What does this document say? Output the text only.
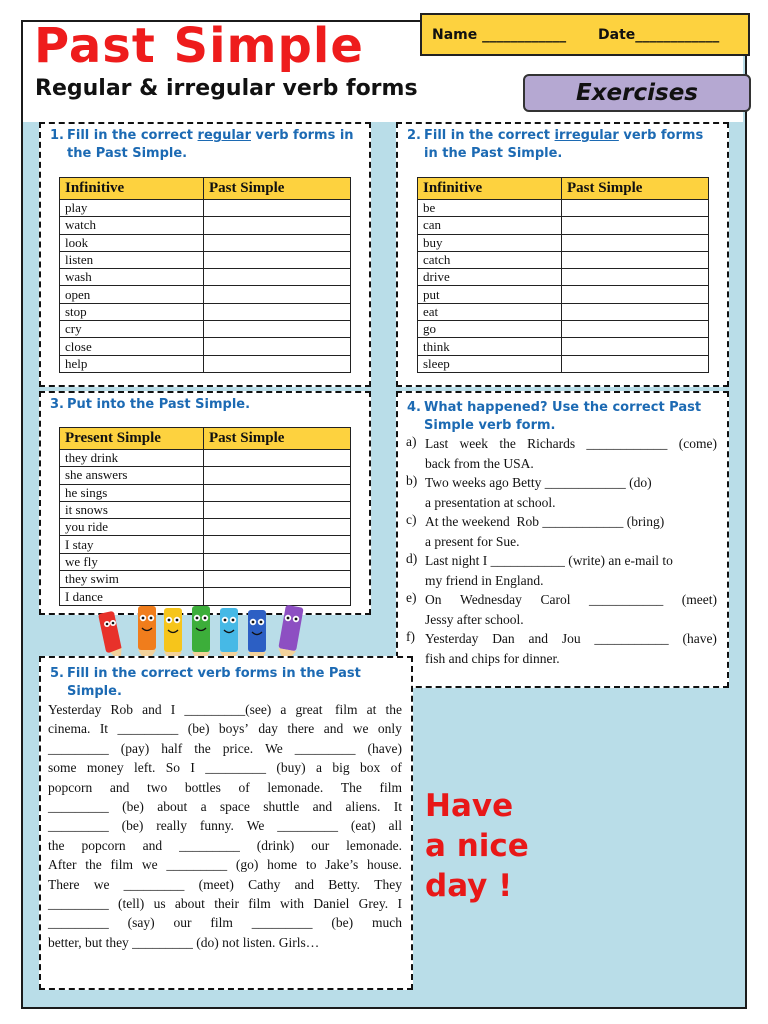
Past Simple
Regular & irregular verb forms
Name ____________ Date____________
Exercises

1. Fill in the correct regular verb forms in the Past Simple.

Infinitive	Past Simple
play	
watch	
look	
listen	
wash	
open	
stop	
cry	
close	
help	

2. Fill in the correct irregular verb forms in the Past Simple.

Infinitive	Past Simple
be	
can	
buy	
catch	
drive	
put	
eat	
go	
think	
sleep	

3. Put into the Past Simple.

Present Simple	Past Simple
they drink	
she answers	
he sings	
it snows	
you ride	
I stay	
we fly	
they swim	
I dance	

4. What happened? Use the correct Past Simple verb form.

a) Last week the Richards ____________ (come)
back from the USA.
b) Two weeks ago Betty ____________ (do)
a presentation at school.
c) At the weekend  Rob ____________ (bring)
a present for Sue.
d) Last night I ___________ (write) an e-mail to
my friend in England.
e) On Wednesday Carol ___________ (meet)
Jessy after school.
f) Yesterday Dan and Jou ___________ (have)
fish and chips for dinner.

5. Fill in the correct verb forms in the Past Simple.

Yesterday Rob and I _________(see) a great film at the
cinema. It _________ (be) boys’ day there and we only
_________ (pay) half the price. We _________ (have)
some money left. So I _________ (buy) a big box of
popcorn and two bottles of lemonade. The film
_________ (be) about a space shuttle and aliens. It
_________ (be) really funny. We _________ (eat) all
the popcorn and _________ (drink) our lemonade.
After the film we _________ (go) home to Jake’s house.
There we _________ (meet) Cathy and Betty. They
_________ (tell) us about their film with Daniel Grey. I
_________ (say) our film _________ (be) much
better, but they _________ (do) not listen. Girls…

Have
a nice
day !
